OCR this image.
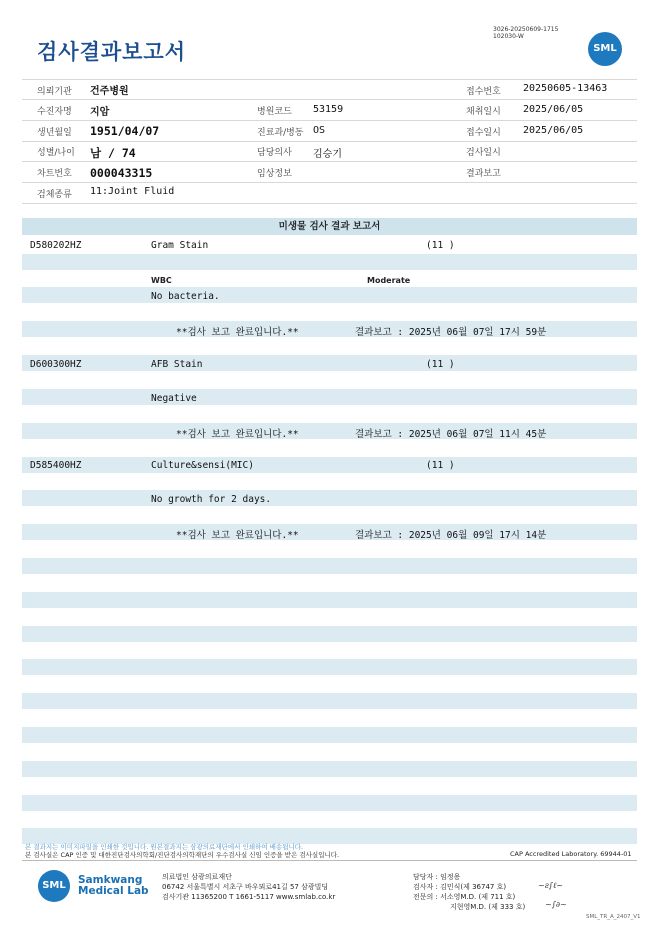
검사결과보고서
3026-20250609-1715
102030-W
SML
의뢰기관 건주병원	접수번호 20250605-13463
수진자명 지암	병원코드 53159	채취일시 2025/06/05
생년월일 1951/04/07	진료과/병동 OS	접수일시 2025/06/05
성별/나이 남 / 74	담당의사 김승기	검사일시
차트번호 000043315	임상정보	결과보고
검체종류 11:Joint Fluid
미생물 검사 결과 보고서
D580202HZ	Gram Stain	(11 )
WBC	Moderate
No bacteria.
**검사 보고 완료입니다.**	결과보고 : 2025년 06월 07일 17시 59분
D600300HZ	AFB Stain	(11 )
Negative
**검사 보고 완료입니다.**	결과보고 : 2025년 06월 07일 11시 45분
D585400HZ	Culture&sensi(MIC)	(11 )
No growth for 2 days.
**검사 보고 완료입니다.**	결과보고 : 2025년 06월 09일 17시 14분
본 결과지는 이미지파일을 인쇄한 것입니다. 원본결과지는 삼광의료재단에서 인쇄하여 배송됩니다.
본 검사실은 CAP 인증 및 대한진단검사의학회/진단검사의학재단의 우수검사실 신임 인증을 받은 검사실입니다.	CAP Accredited Laboratory. 69944-01
SML	Samkwang
Medical Lab
의료법인 삼광의료재단
06742 서울특별시 서초구 바우뫼로41길 57 삼광빌딩
검사기관 11365200 T 1661-5117 www.smlab.co.kr
담당자 : 임정용
검사자 : 김민식(제 36747 호)
전문의 : 서소영M.D. (제 711 호)
지현영M.D. (제 333 호)
~ƨ∫ℓ~
~∫∂~
SML_TR_A_2407_V1
